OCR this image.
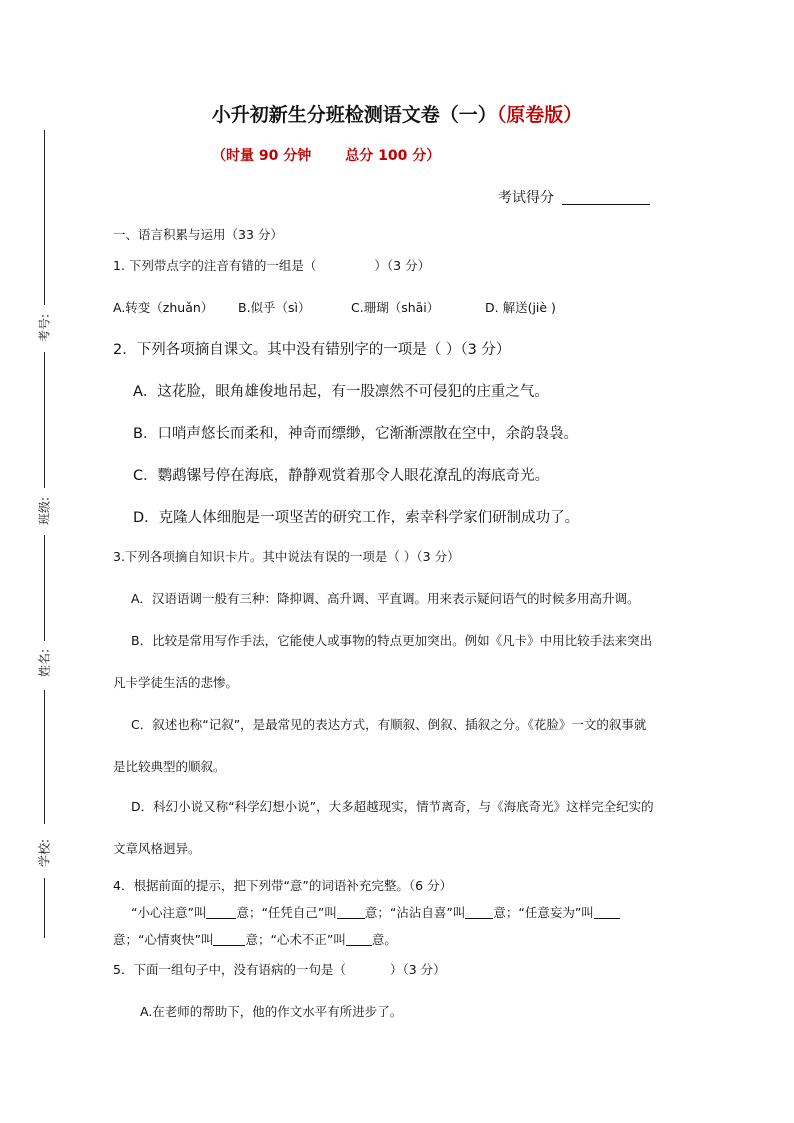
考号:
班级:
姓名:
学校:
小升初新生分班检测语文卷（一）（原卷版）
（时量 90 分钟 总分 100 分）
考试得分
一、语言积累与运用（33 分）
1. 下列带点字的注音有错的一组是（	）（3 分）
A.转变（zhuǎn） B.似乎（sì）	C.珊瑚（shāi）	D. 解送(jiè )
2．下列各项摘自课文。其中没有错别字的一项是（ ）（3 分）
A．这花脸，眼角雄俊地吊起，有一股凛然不可侵犯的庄重之气。
B．口哨声悠长而柔和，神奇而缥缈，它渐渐漂散在空中，余韵袅袅。
C．鹦鹉镙号停在海底，静静观赏着那令人眼花潦乱的海底奇光。
D．克隆人体细胞是一项坚苦的研究工作，索幸科学家们研制成功了。
3.下列各项摘自知识卡片。其中说法有误的一项是（ ）（3 分）
A．汉语语调一般有三种：降抑调、高升调、平直调。用来表示疑问语气的时候多用高升调。
B．比较是常用写作手法，它能使人或事物的特点更加突出。例如《凡卡》中用比较手法来突出
凡卡学徒生活的悲惨。
C．叙述也称“记叙”，是最常见的表达方式，有顺叙、倒叙、插叙之分。《花脸》一文的叙事就
是比较典型的顺叙。
D．科幻小说又称“科学幻想小说”，大多超越现实，情节离奇，与《海底奇光》这样完全纪实的
文章风格迥异。
4．根据前面的提示，把下列带“意”的词语补充完整。（6 分）
“小心注意”叫 意；“任凭自己”叫 意；“沾沾自喜”叫 意；“任意妄为”叫
意；“心情爽快”叫	意；“心术不正”叫 意。
5．下面一组句子中，没有语病的一句是（	）（3 分）
A.在老师的帮助下，他的作文水平有所进步了。
